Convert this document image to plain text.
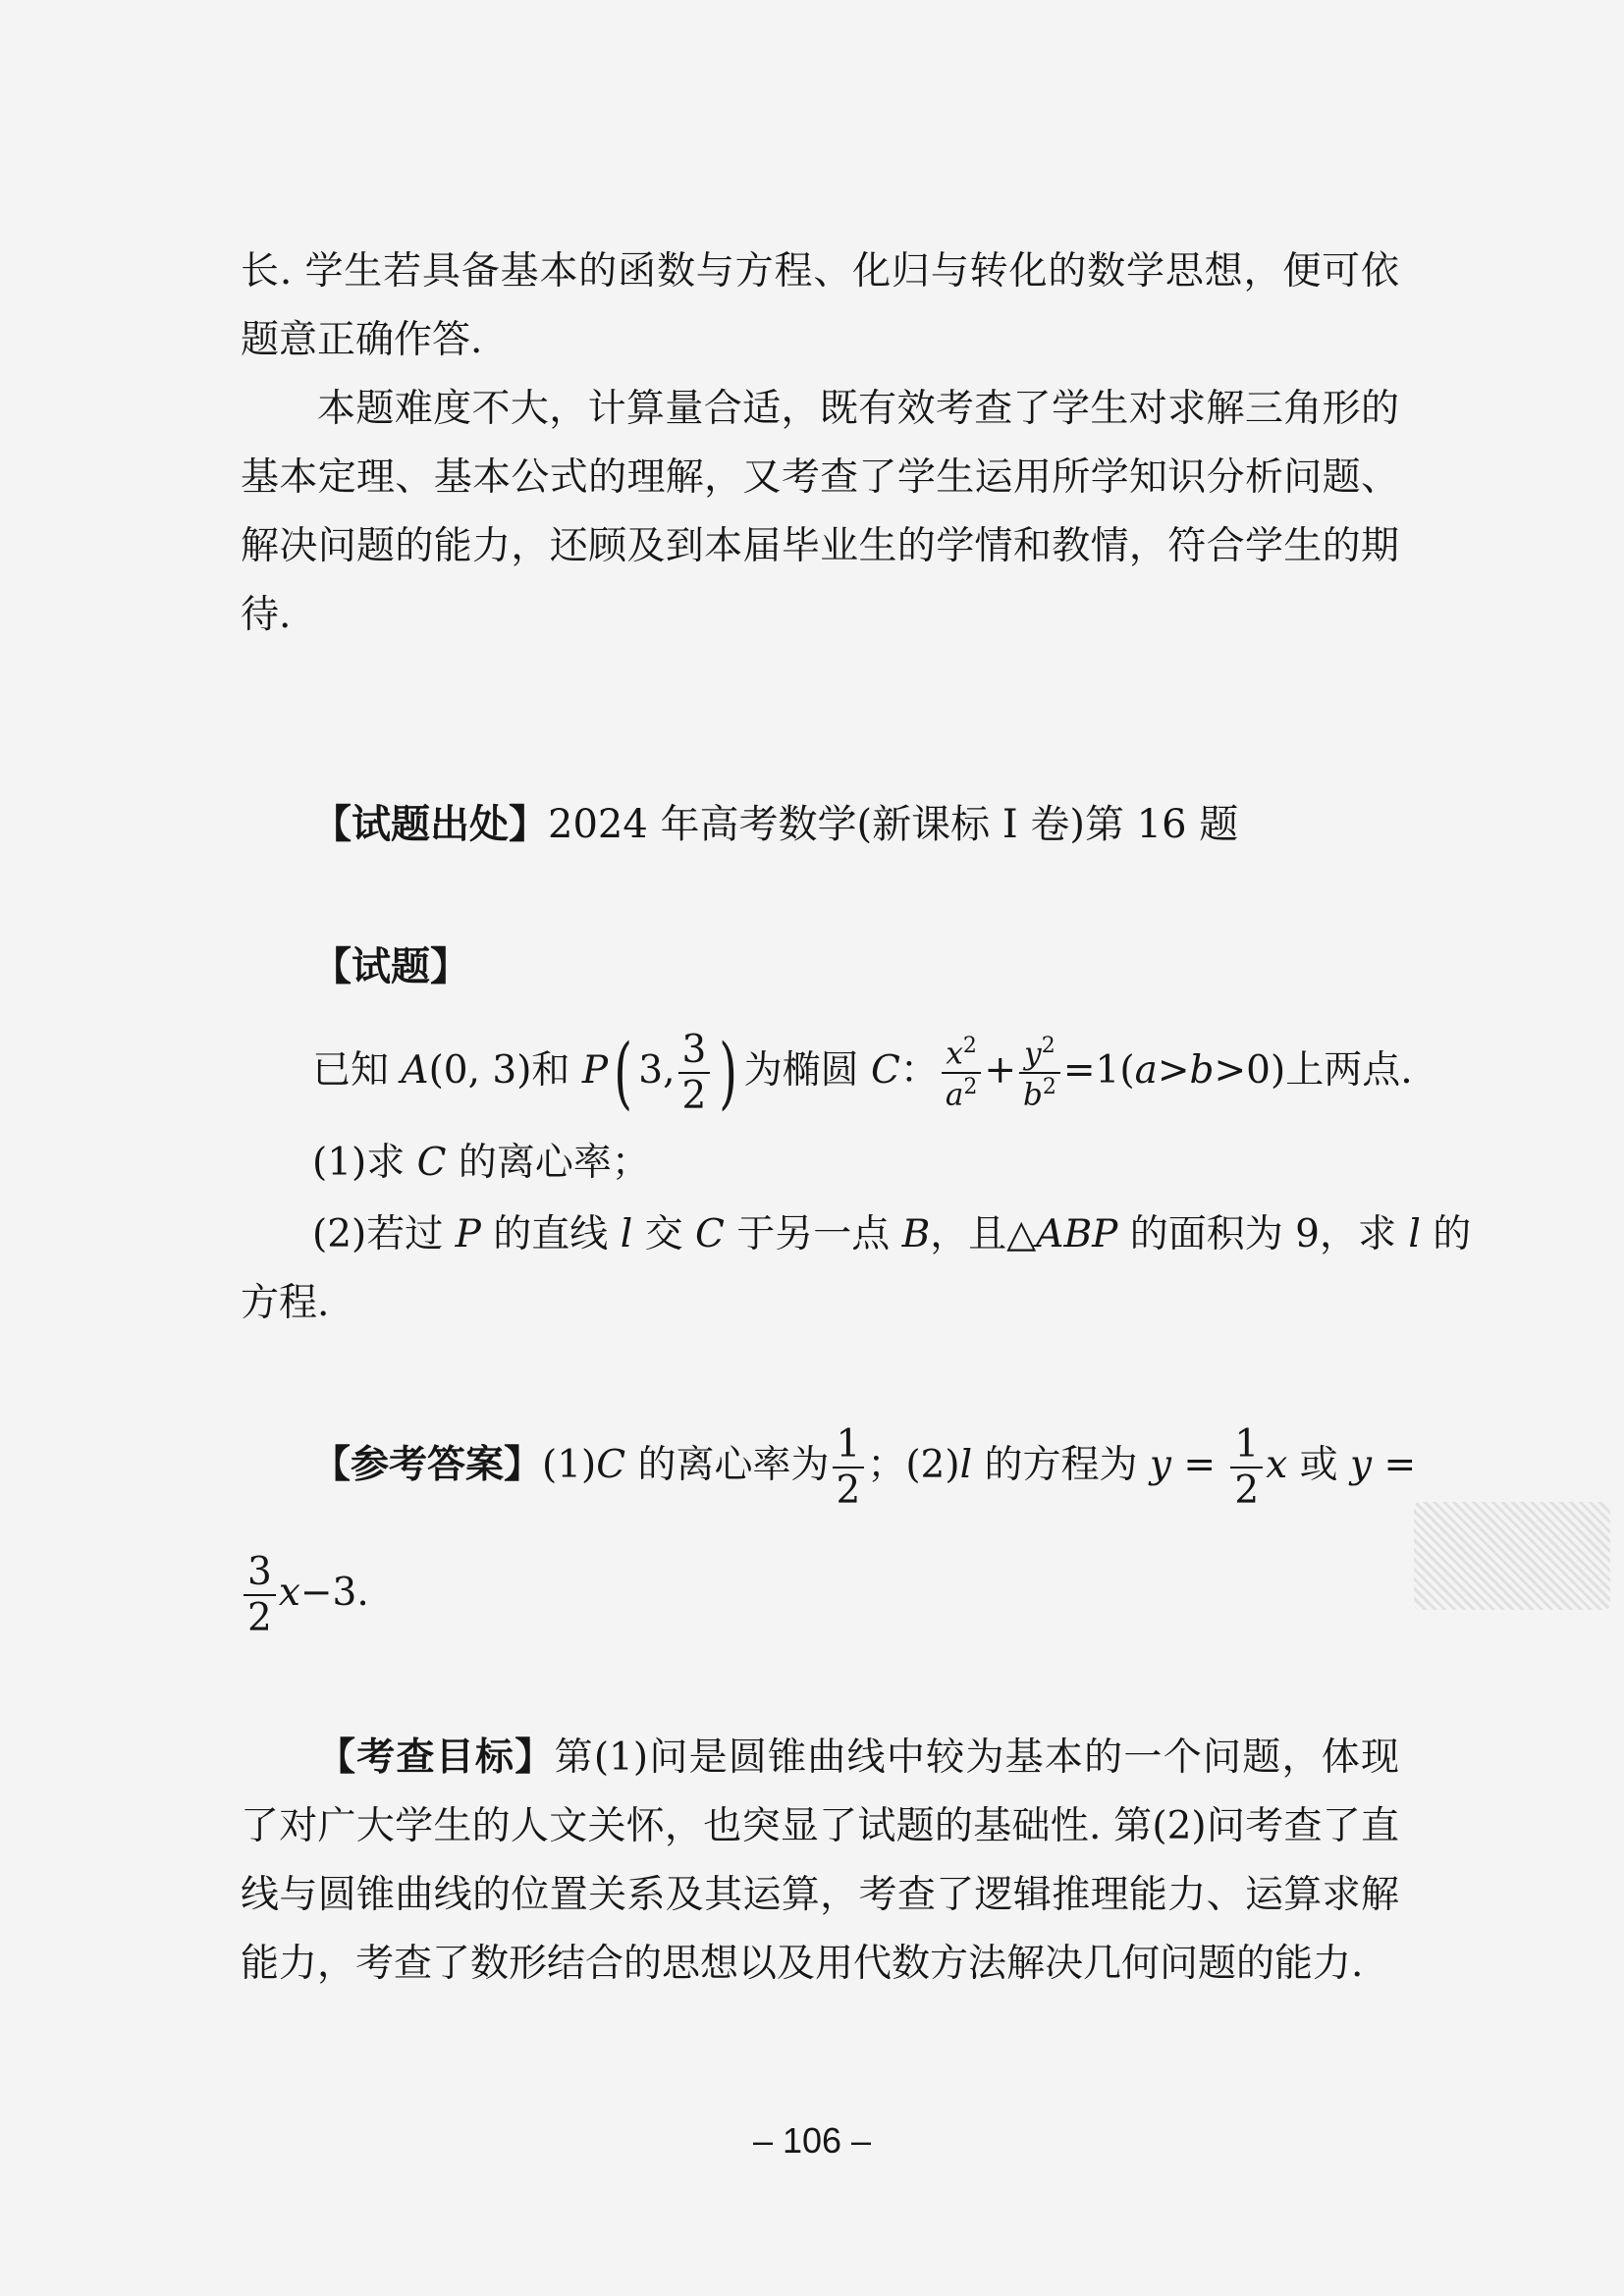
长. 学生若具备基本的函数与方程、化归与转化的数学思想，便可依题意正确作答.

本题难度不大，计算量合适，既有效考查了学生对求解三角形的基本定理、基本公式的理解，又考查了学生运用所学知识分析问题、解决问题的能力，还顾及到本届毕业生的学情和教情，符合学生的期待.

【试题出处】2024 年高考数学(新课标 Ⅰ 卷)第 16 题
【试题】
已知 A(0, 3)和 P( 3, $\frac{3}{2}$ ) 为椭圆 C： $\frac{x^2}{a^2} + \frac{y^2}{b^2} =1(a>b>0)$上两点.
(1)求 C 的离心率；
(2)若过 P 的直线 l 交 C 于另一点 B，且△ABP 的面积为 9，求 l 的
方程.
【参考答案】(1)C 的离心率为 $\frac{1}{2}$ ；(2)l 的方程为 $y = \frac{1}{2}$ x 或 y =
$\frac{3}{2} x-3$.

【考查目标】第(1)问是圆锥曲线中较为基本的一个问题，体现了对广大学生的人文关怀，也突显了试题的基础性. 第(2)问考查了直线与圆锥曲线的位置关系及其运算，考查了逻辑推理能力、运算求解能力，考查了数形结合的思想以及用代数方法解决几何问题的能力.

– 106 –
